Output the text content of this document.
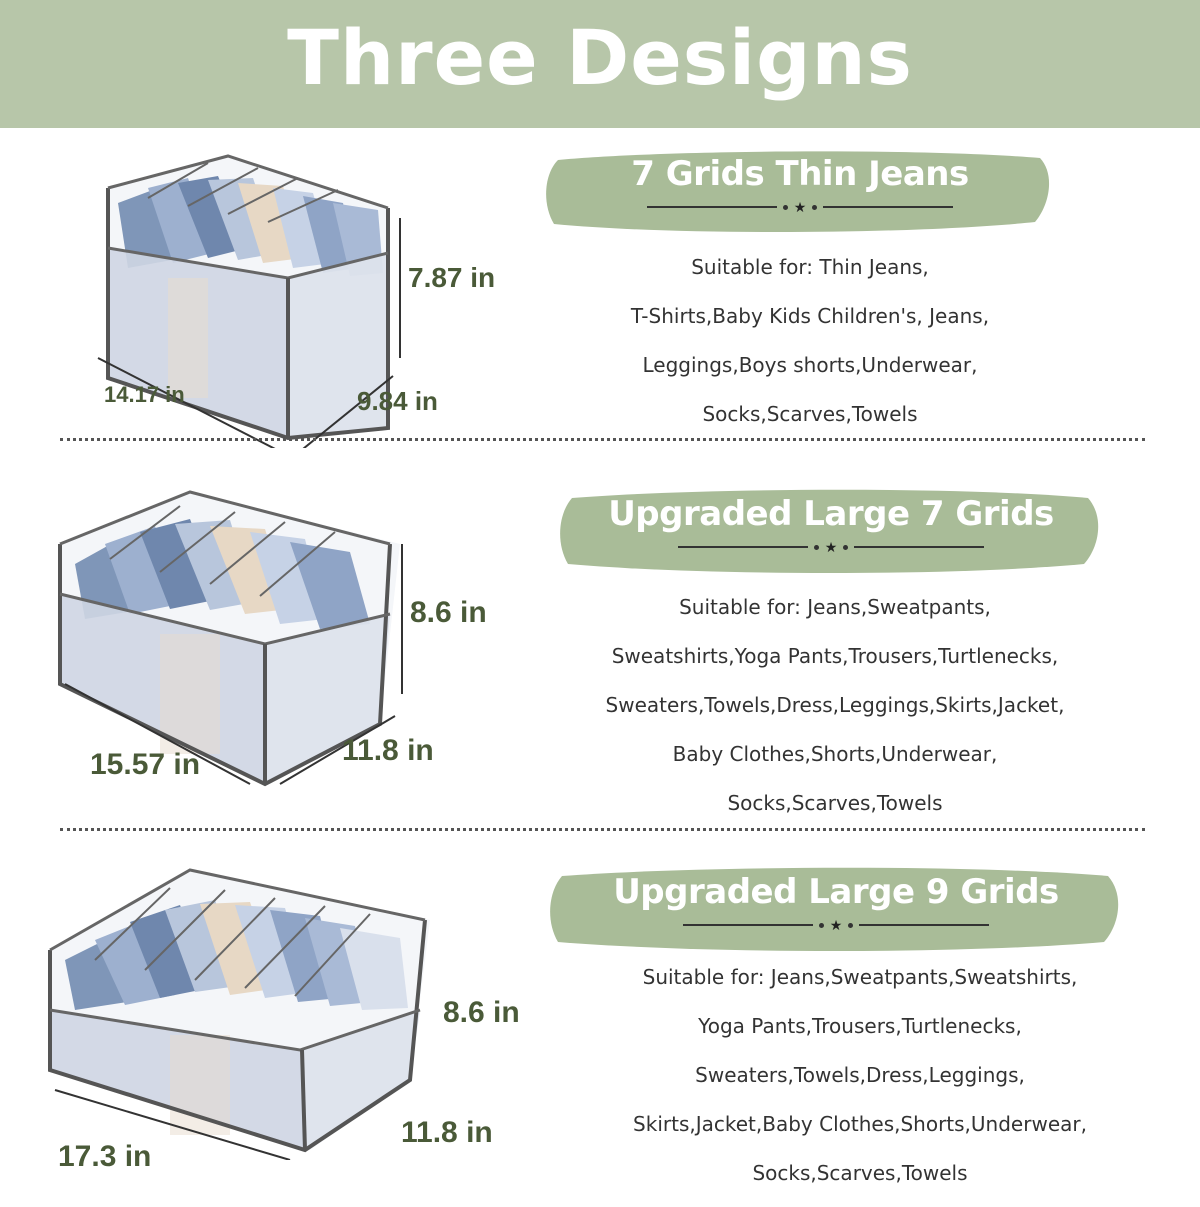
Three Designs
7.87 in
14.17 in	9.84 in
7 Grids Thin Jeans
★
Suitable for: Thin Jeans,
T-Shirts,Baby Kids Children's, Jeans,
Leggings,Boys shorts,Underwear,
Socks,Scarves,Towels
8.6 in
15.57 in	11.8 in
Upgraded Large 7 Grids
★
Suitable for: Jeans,Sweatpants,
Sweatshirts,Yoga Pants,Trousers,Turtlenecks,
Sweaters,Towels,Dress,Leggings,Skirts,Jacket,
Baby Clothes,Shorts,Underwear,
Socks,Scarves,Towels
8.6 in
17.3 in
11.8 in
Upgraded Large 9 Grids
★
Suitable for: Jeans,Sweatpants,Sweatshirts,
Yoga Pants,Trousers,Turtlenecks,
Sweaters,Towels,Dress,Leggings,
Skirts,Jacket,Baby Clothes,Shorts,Underwear,
Socks,Scarves,Towels
